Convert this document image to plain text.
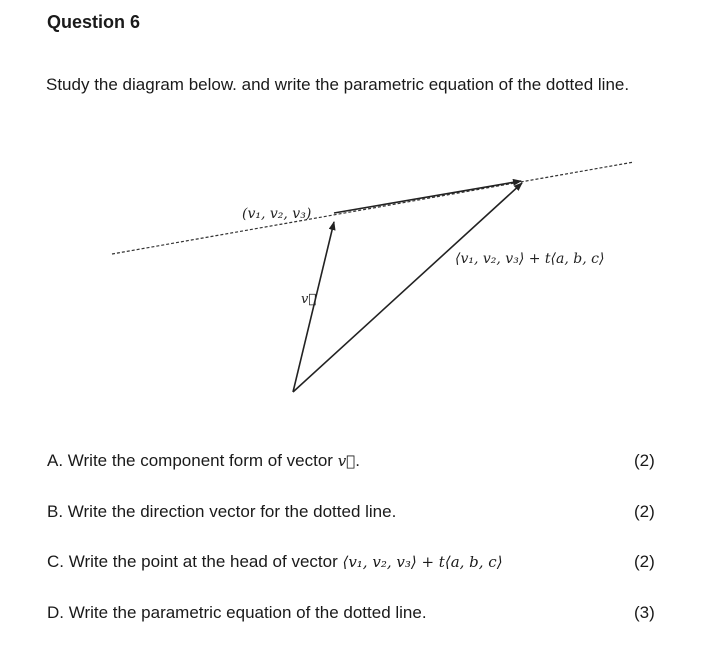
Question 6
Study the diagram below. and write the parametric equation of the dotted line.
(v₁, v₂, v₃)
v⃗
⟨v₁, v₂, v₃⟩ + t⟨a, b, c⟩
A. Write the component form of vector v⃗.	(2)
B. Write the direction vector for the dotted line.	(2)
C. Write the point at the head of vector ⟨v₁, v₂, v₃⟩ + t⟨a, b, c⟩	(2)
D. Write the parametric equation of the dotted line.	(3)
